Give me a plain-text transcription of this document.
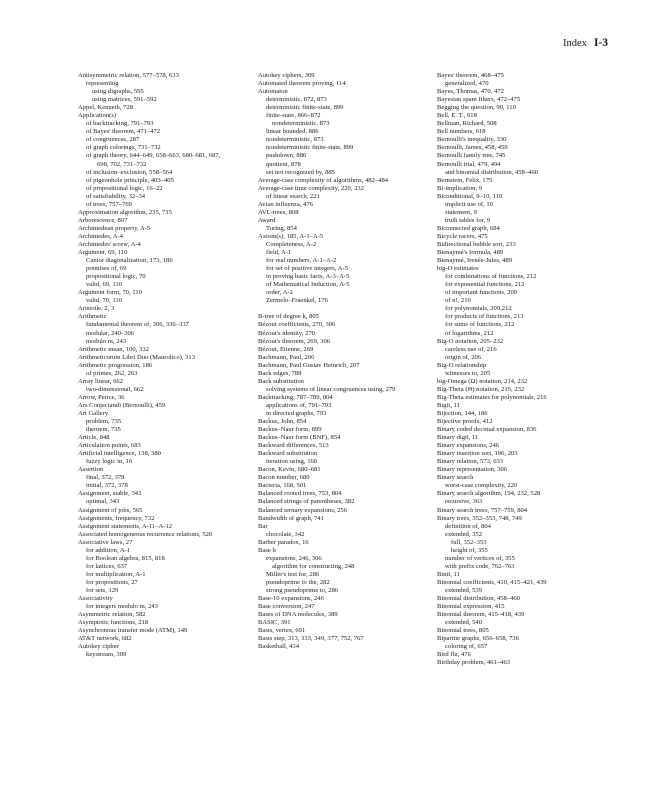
Index I-3
Antisymmetric relation, 577–578, 633
representing
using digraphs, 595
using matrices, 591–592
Appel, Kenneth, 728
Application(s)
of backtracking, 791–793
of Bayes' theorem, 471–472
of congruences, 287
of graph colorings, 731–732
of graph theory, 644–649, 658–663, 680–681, 687,
698, 702, 731–732
of inclusion–exclusion, 558–564
of pigeonhole principle, 403–405
of propositional logic, 16–22
of satisfiability, 32–34
of trees, 757–769
Approximation algorithm, 235, 715
Arborescence, 807
Archimedean property, A-5
Archimedes, A-4
Archimedes' screw, A-4
Argument, 69, 110
Cantor diagonalization, 173, 186
premises of, 69
propositional logic, 70
valid, 69, 110
Argument form, 70, 110
valid, 70, 110
Aristotle, 2, 3
Arithmetic
fundamental theorem of, 306, 336–337
modular, 240–306
modulo m, 243
Arithmetic mean, 100, 332
Arithmeticorum Libri Duo (Maurolico), 313
Arithmetic progression, 186
of primes, 262, 263
Array linear, 662
two-dimensional, 662
Arrow, Peirce, 36
Ars Conjectandi (Bernoulli), 459
Art Gallery
problem, 735
theorem, 735
Article, 848
Articulation points, 683
Artificial intelligence, 138, 380
fuzzy logic in, 16
Assertion
final, 372, 378
initial, 372, 378
Assignment, stable, 343
optimal, 343
Assignment of jobs, 565
Assignments, frequency, 732
Assignment statements, A-11–A-12
Associated homogeneous recurrence relations, 520
Associative laws, 27
for addition, A-1
for Boolean algebra, 815, 818
for lattices, 637
for multiplication, A-1
for propositions, 27
for sets, 129
Associativity
for integers modulo m, 243
Asymmetric relation, 582
Asymptotic functions, 218
Asynchronous transfer mode (ATM), 149
AT&T network, 682
Autokey cipher
keystream, 309
Autokey ciphers, 309
Automated theorem proving, 114
Automaton
deterministic, 872, 873
deterministic finite-state, 899
finite-state, 866–872
nondeterministic, 873
linear bounded, 886
nondeterministic, 873
nondeterministic finite-state, 899
pushdown, 886
quotient, 878
set not recognized by, 885
Average-case complexity of algorithms, 482–484
Average-case time complexity, 220, 232
of linear search, 221
Avian influenza, 476
AVL-trees, 808
Award
Turing, 854
Axiom(s), 185, A-1–A-5
Completeness, A-2
field, A-1
for real numbers, A-1–A-2
for set of positive integers, A-5
in proving basic facts, A-3–A-5
of Mathematical Induction, A-5
order, A-2
Zermelo–Fraenkel, 176
B-tree of degree k, 805
Bézout coefficients, 270, 306
Bézout's identity, 270
Bézout's theorem, 269, 306
Bézout, Étienne, 269
Bachmann, Paul, 206
Bachmann, Paul Gustav Heinrich, 207
Back edges, 788
Back substitution
solving systems of linear congruences using, 279
Backtracking, 787–789, 804
applications of, 791–793
in directed graphs, 793
Backus, John, 854
Backus–Naur form, 899
Backus–Naur form (BNF), 854
Backward differences, 513
Backward substitution
iteration using, 160
Bacon, Kevin, 680–681
Bacon number, 680
Bacteria, 168, 501
Balanced rooted trees, 753, 804
Balanced strings of parentheses, 382
Balanced ternary expansions, 256
Bandwidth of graph, 741
Bar
chocolate, 342
Barber paradox, 16
Base b
expansions, 246, 306
algorithm for constructing, 248
Miller's test for, 286
pseudoprime to the, 282
strong pseudoprime to, 286
Base-10 expansions, 246
Base conversion, 247
Bases of DNA molecules, 389
BASIC, 391
Basis, vertex, 691
Basis step, 313, 333, 349, 377, 752, 767
Basketball, 434
Bayes' theorem, 468–475
generalized, 470
Bayes, Thomas, 470, 472
Bayesian spam filters, 472–475
Begging the question, 90, 110
Bell, E. T., 618
Bellman, Richard, 508
Bell numbers, 618
Bernoulli's inequality, 330
Bernoulli, James, 458, 459
Bernoulli family tree, 745
Bernoulli trial, 479, 494
and binomial distribution, 458–460
Bernstein, Felix, 175
Bi-implication, 9
Biconditional, 9–10, 110
implicit use of, 10
statement, 9
truth tables for, 9
Biconnected graph, 684
Bicycle racers, 475
Bidirectional bubble sort, 233
Bienaymé's formula, 489
Bienaymé, Irenée-Jules, 489
big-O estimates
for combinations of functions, 212
for exponential functions, 212
of important functions, 209
of n!, 210
for polynomials, 209,212
for products of functions, 213
for sums of functions, 212
of logarithms, 212
Big-O notation, 205–232
careless use of, 216
origin of, 206
Big-O relationship
witnesses to, 205
big-Omega (Ω) notation, 214, 232
Big-Theta (Θ) notation, 215, 232
Big-Theta estimates for polynomials, 216
Bigit, 11
Bijection, 144, 186
Bijective proofs, 412
Binary coded decimal expansion, 836
Binary digit, 11
Binary expansions, 246
Binary insertion sort, 196, 203
Binary relation, 573, 633
Binary representation, 306
Binary search
worst-case complexity, 220
Binary search algorithm, 194, 232, 528
recursive, 363
Binary search trees, 757–759, 804
Binary trees, 352–353, 748, 749
definition of, 804
extended, 352
full, 352–353
height of, 355
number of vertices of, 355
with prefix code, 762–763
Binit, 11
Binomial coefficients, 410, 415–421, 439
extended, 539
Binomial distribution, 458–460
Binomial expression, 415
Binomial theorem, 415–418, 439
extended, 540
Binomial trees, 805
Bipartite graphs, 656–658, 736
coloring of, 657
Bird flu, 476
Birthday problem, 461–463
